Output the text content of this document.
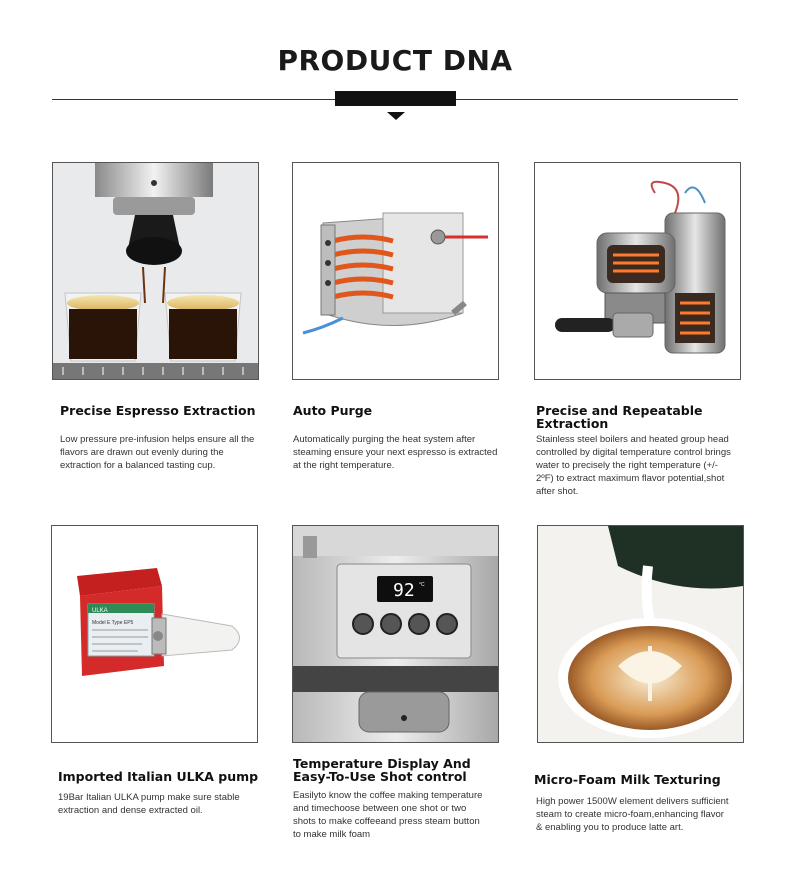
PRODUCT DNA
Precise Espresso Extraction
Low pressure pre-infusion helps ensure all the flavors are drawn out evenly during the extraction for a balanced tasting cup.
Auto Purge
Automatically purging the heat system after steaming ensure your next espresso is extracted at the right temperature.
Precise and Repeatable Extraction
Stainless steel boilers and heated group head controlled by digital temperature control brings water to precisely the right temperature (+/- 2ºF) to extract maximum flavor potential,shot after shot.
ULKA
Model E Type EP5
92 °C
Imported Italian ULKA pump
19Bar Italian ULKA pump make sure stable extraction and dense extracted oil.
Temperature Display And Easy-To-Use Shot control
Easilyto know the coffee making temperature and timechoose between one shot or two shots to make coffeeand press steam button to make milk foam
Micro-Foam Milk Texturing
High power 1500W element delivers sufficient steam to create micro-foam,enhancing flavor & enabling you to produce latte art.
